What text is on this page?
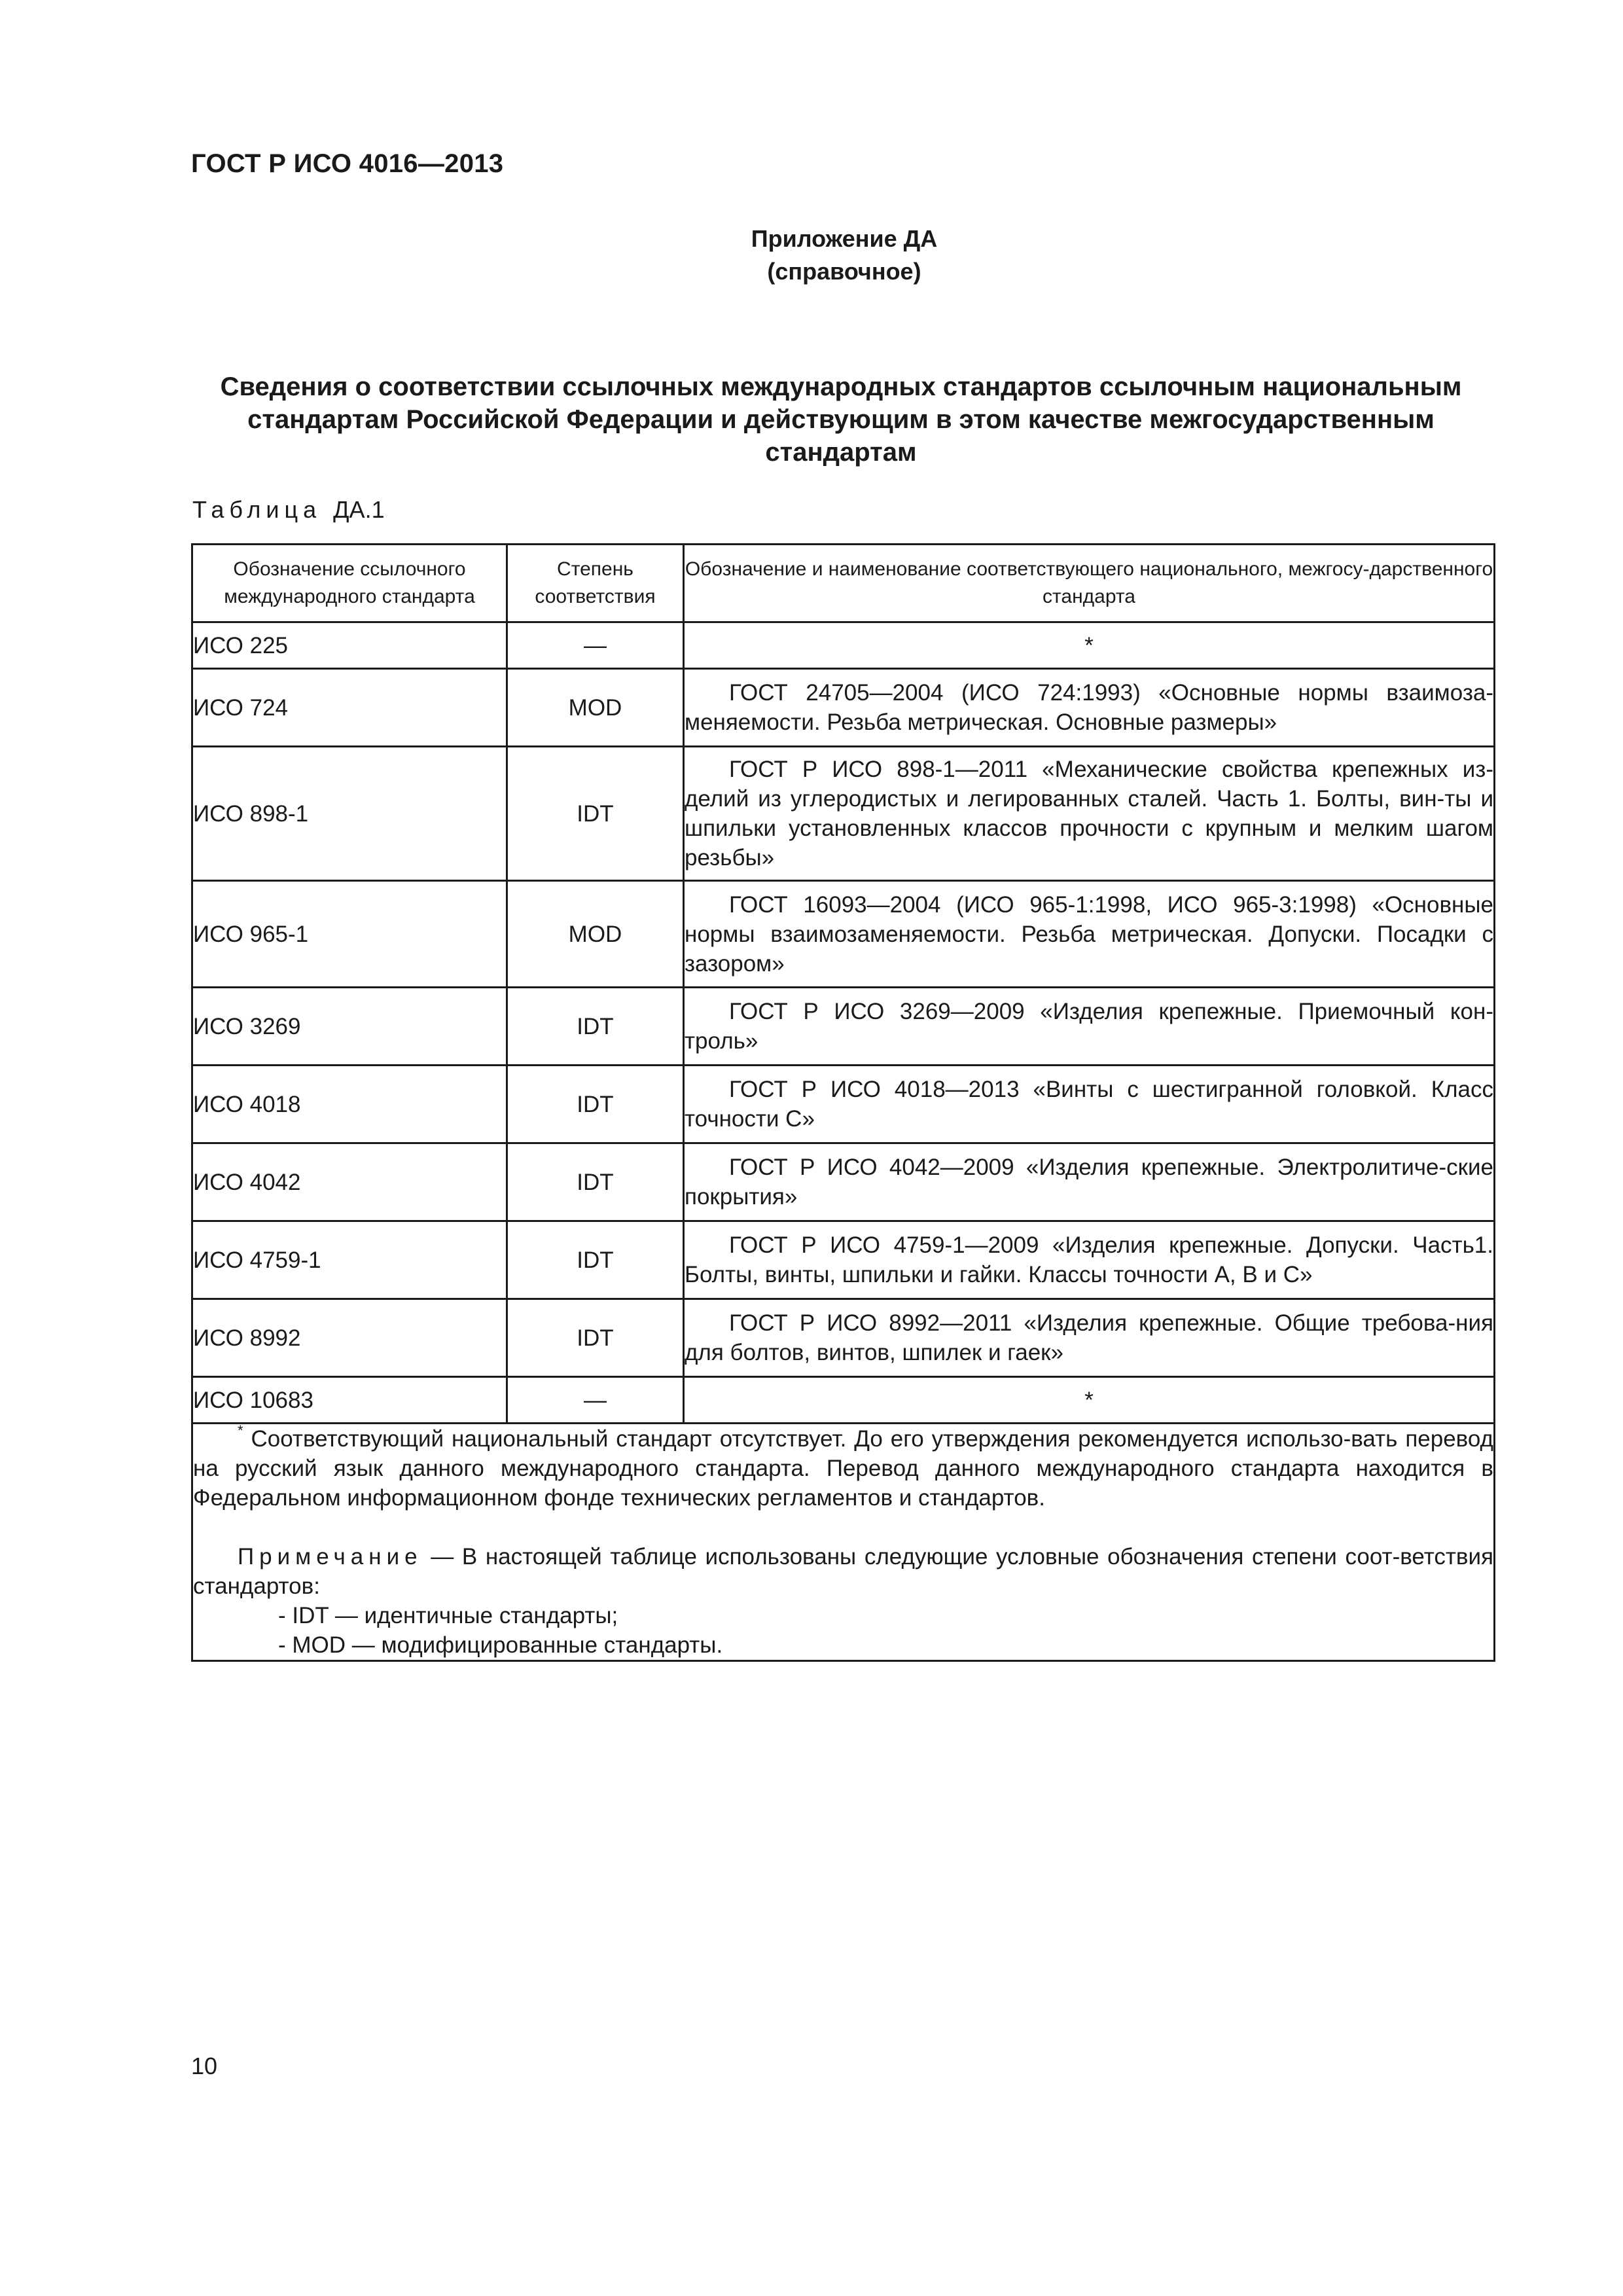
ГОСТ Р ИСО 4016—2013
Приложение ДА
(справочное)
Сведения о соответствии ссылочных международных стандартов ссылочным национальным
стандартам Российской Федерации и действующим в этом качестве межгосударственным
стандартам
Таблица ДА.1
Обозначение ссылочного международного стандарта	Степень соответствия	Обозначение и наименование соответствующего национального, межгосу-дарственного стандарта
ИСО 225	—	*
ИСО 724	MOD	ГОСТ 24705—2004 (ИСО 724:1993) «Основные нормы взаимоза-меняемости. Резьба метрическая. Основные размеры»
ИСО 898-1	IDT	ГОСТ Р ИСО 898-1—2011 «Механические свойства крепежных из-делий из углеродистых и легированных сталей. Часть 1. Болты, вин-ты и шпильки установленных классов прочности с крупным и мелким шагом резьбы»
ИСО 965-1	MOD	ГОСТ 16093—2004 (ИСО 965-1:1998, ИСО 965-3:1998) «Основные нормы взаимозаменяемости. Резьба метрическая. Допуски. Посадки с зазором»
ИСО 3269	IDT	ГОСТ Р ИСО 3269—2009 «Изделия крепежные. Приемочный кон-троль»
ИСО 4018	IDT	ГОСТ Р ИСО 4018—2013 «Винты с шестигранной головкой. Класс точности С»
ИСО 4042	IDT	ГОСТ Р ИСО 4042—2009 «Изделия крепежные. Электролитиче-ские покрытия»
ИСО 4759-1	IDT	ГОСТ Р ИСО 4759-1—2009 «Изделия крепежные. Допуски. Часть1. Болты, винты, шпильки и гайки. Классы точности А, В и С»
ИСО 8992	IDT	ГОСТ Р ИСО 8992—2011 «Изделия крепежные. Общие требова-ния для болтов, винтов, шпилек и гаек»
ИСО 10683	—	*

* Соответствующий национальный стандарт отсутствует. До его утверждения рекомендуется использо-вать перевод на русский язык данного международного стандарта. Перевод данного международного стандарта находится в Федеральном информационном фонде технических регламентов и стандартов.

Примечание — В настоящей таблице использованы следующие условные обозначения степени соот-ветствия стандартов:

- IDT — идентичные стандарты;

- MOD — модифицированные стандарты.		

10
